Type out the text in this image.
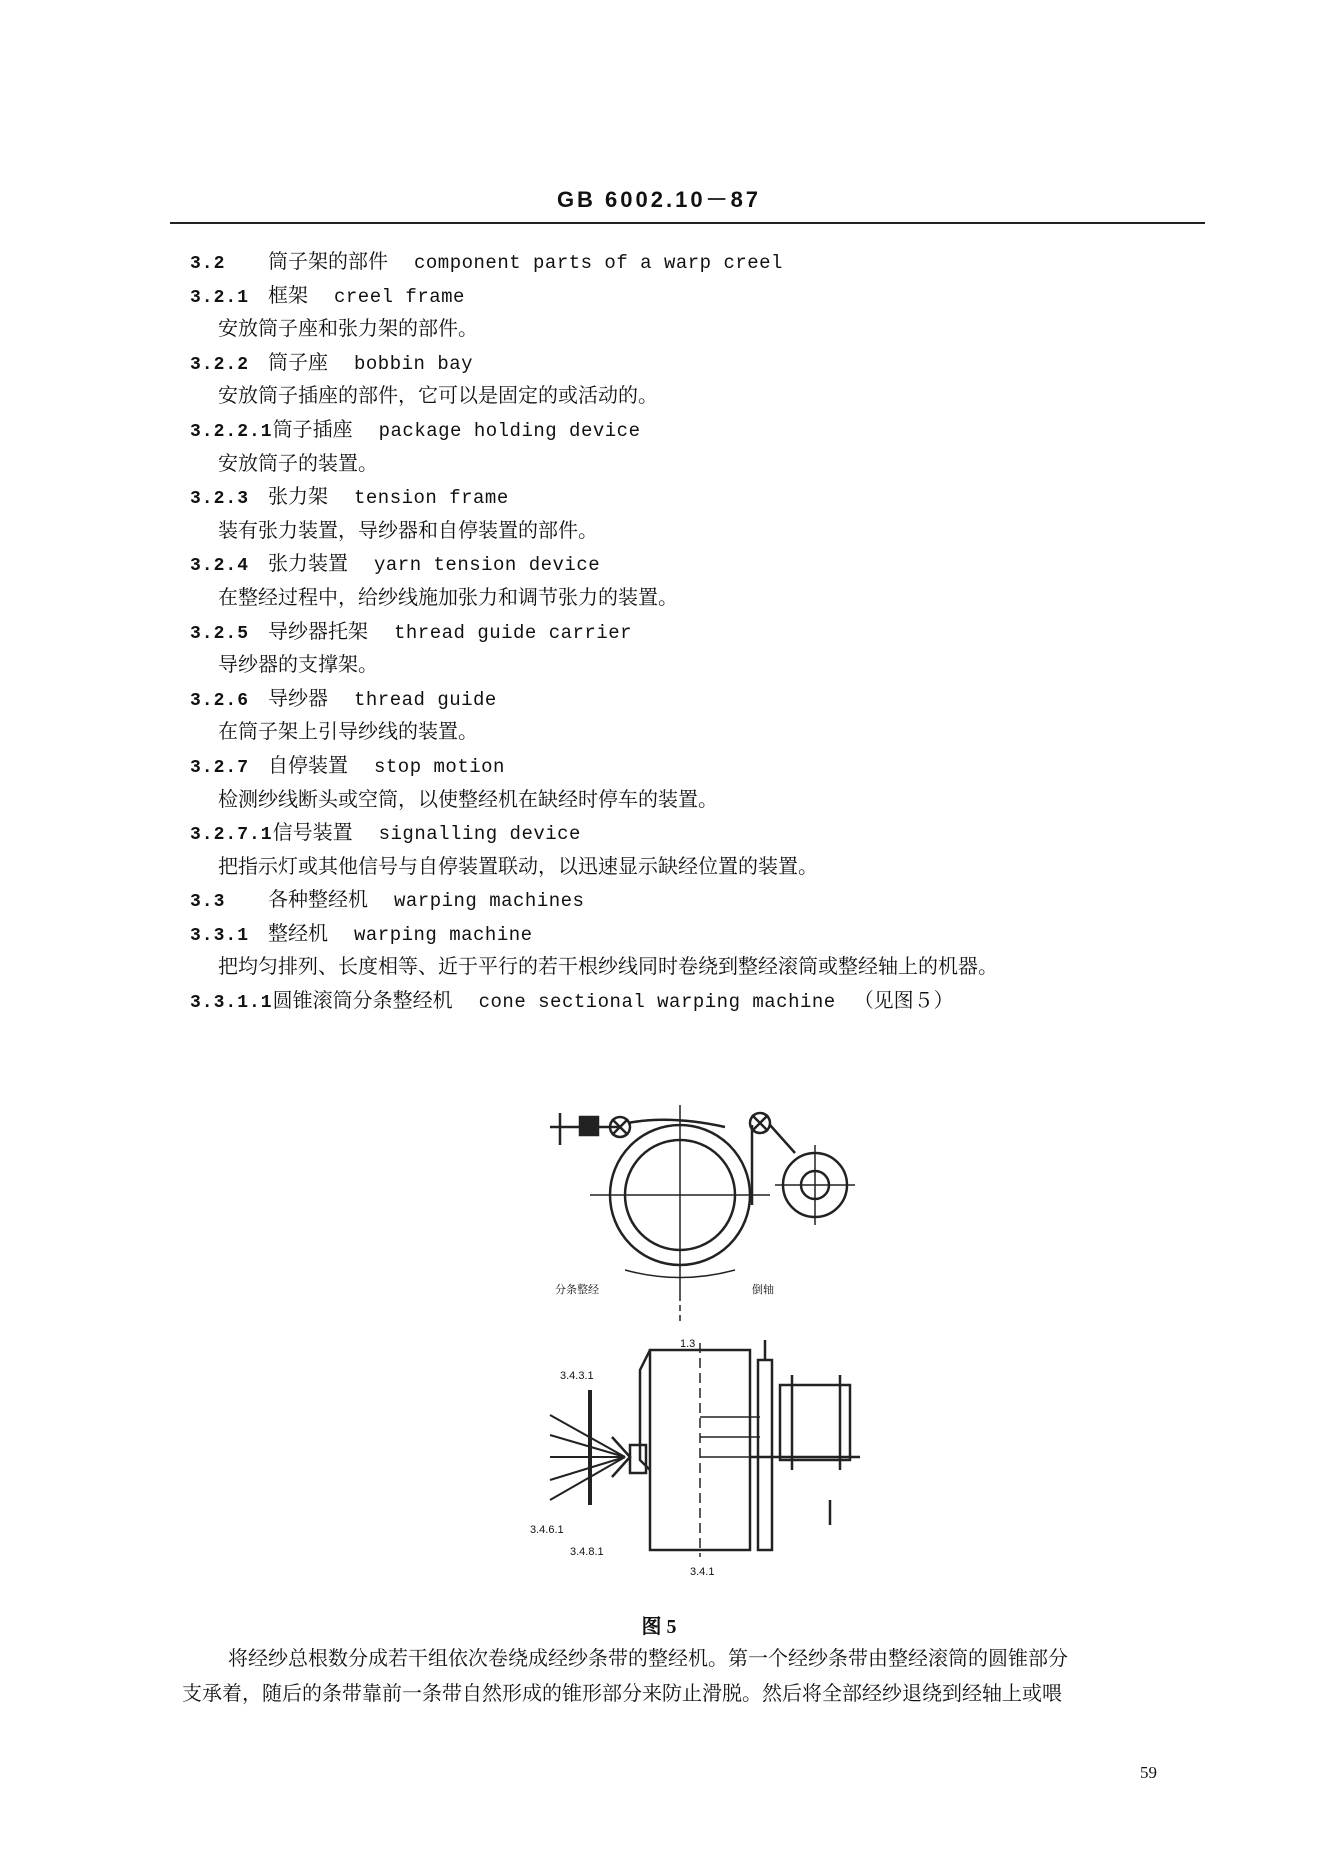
GB 6002.10－87
3.2 筒子架的部件 component parts of a warp creel
3.2.1 框架 creel frame
安放筒子座和张力架的部件。
3.2.2 筒子座 bobbin bay
安放筒子插座的部件，它可以是固定的或活动的。
3.2.2.1筒子插座 package holding device
安放筒子的装置。
3.2.3 张力架 tension frame
装有张力装置，导纱器和自停装置的部件。
3.2.4 张力装置 yarn tension device
在整经过程中，给纱线施加张力和调节张力的装置。
3.2.5 导纱器托架 thread guide carrier
导纱器的支撑架。
3.2.6 导纱器 thread guide
在筒子架上引导纱线的装置。
3.2.7 自停装置 stop motion
检测纱线断头或空筒，以使整经机在缺经时停车的装置。
3.2.7.1信号装置 signalling device
把指示灯或其他信号与自停装置联动，以迅速显示缺经位置的装置。
3.3 各种整经机 warping machines
3.3.1 整经机 warping machine
把均匀排列、长度相等、近于平行的若干根纱线同时卷绕到整经滚筒或整经轴上的机器。
3.3.1.1圆锥滚筒分条整经机 cone sectional warping machine （见图５）
分条整经	倒轴
1.3
3.4.3.1
3.4.6.1
3.4.8.1
3.4.1
图 5

将经纱总根数分成若干组依次卷绕成经纱条带的整经机。第一个经纱条带由整经滚筒的圆锥部分

支承着，随后的条带靠前一条带自然形成的锥形部分来防止滑脱。然后将全部经纱退绕到经轴上或喂

59
